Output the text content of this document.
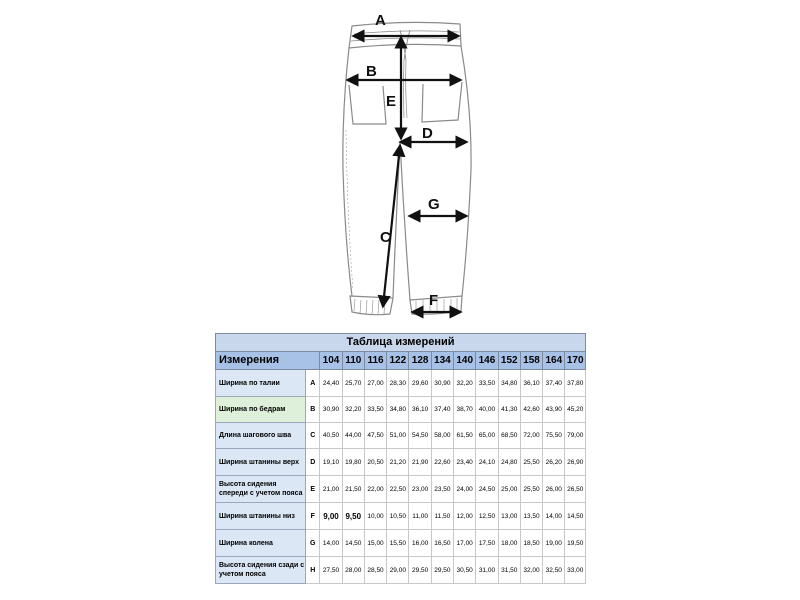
A
B
E
D
G
C
F
Таблица измерений													
Измерения		104	110	116	122	128	134	140	146	152	158	164	170
Ширина по талии	A	24,40	25,70	27,00	28,30	29,60	30,90	32,20	33,50	34,80	36,10	37,40	37,80
Ширина по бедрам	B	30,90	32,20	33,50	34,80	36,10	37,40	38,70	40,00	41,30	42,60	43,90	45,20
Длина шагового шва	C	40,50	44,00	47,50	51,00	54,50	58,00	61,50	65,00	68,50	72,00	75,50	79,00
Ширина штанины верх	D	19,10	19,80	20,50	21,20	21,90	22,60	23,40	24,10	24,80	25,50	26,20	26,90
Высота сидения спереди с учетом пояса	E	21,00	21,50	22,00	22,50	23,00	23,50	24,00	24,50	25,00	25,50	26,00	26,50
Ширина штанины низ	F	9,00	9,50	10,00	10,50	11,00	11,50	12,00	12,50	13,00	13,50	14,00	14,50
Ширина колена	G	14,00	14,50	15,00	15,50	16,00	16,50	17,00	17,50	18,00	18,50	19,00	19,50
Высота сидения сзади с учетом пояса	H	27,50	28,00	28,50	29,00	29,50	29,50	30,50	31,00	31,50	32,00	32,50	33,00
